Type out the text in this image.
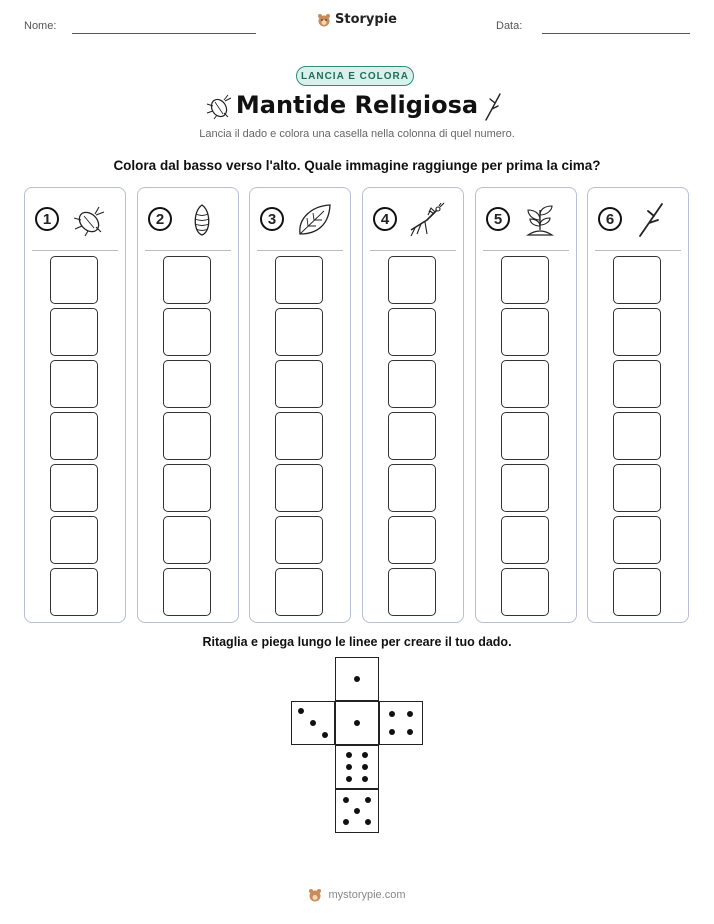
Nome:	Storypie	Data:
LANCIA E COLORA
Mantide Religiosa
Lancia il dado e colora una casella nella colonna di quel numero.
Colora dal basso verso l'alto. Quale immagine raggiunge per prima la cima?
1	2	3	4	5	6
Ritaglia e piega lungo le linee per creare il tuo dado.
mystorypie.com
